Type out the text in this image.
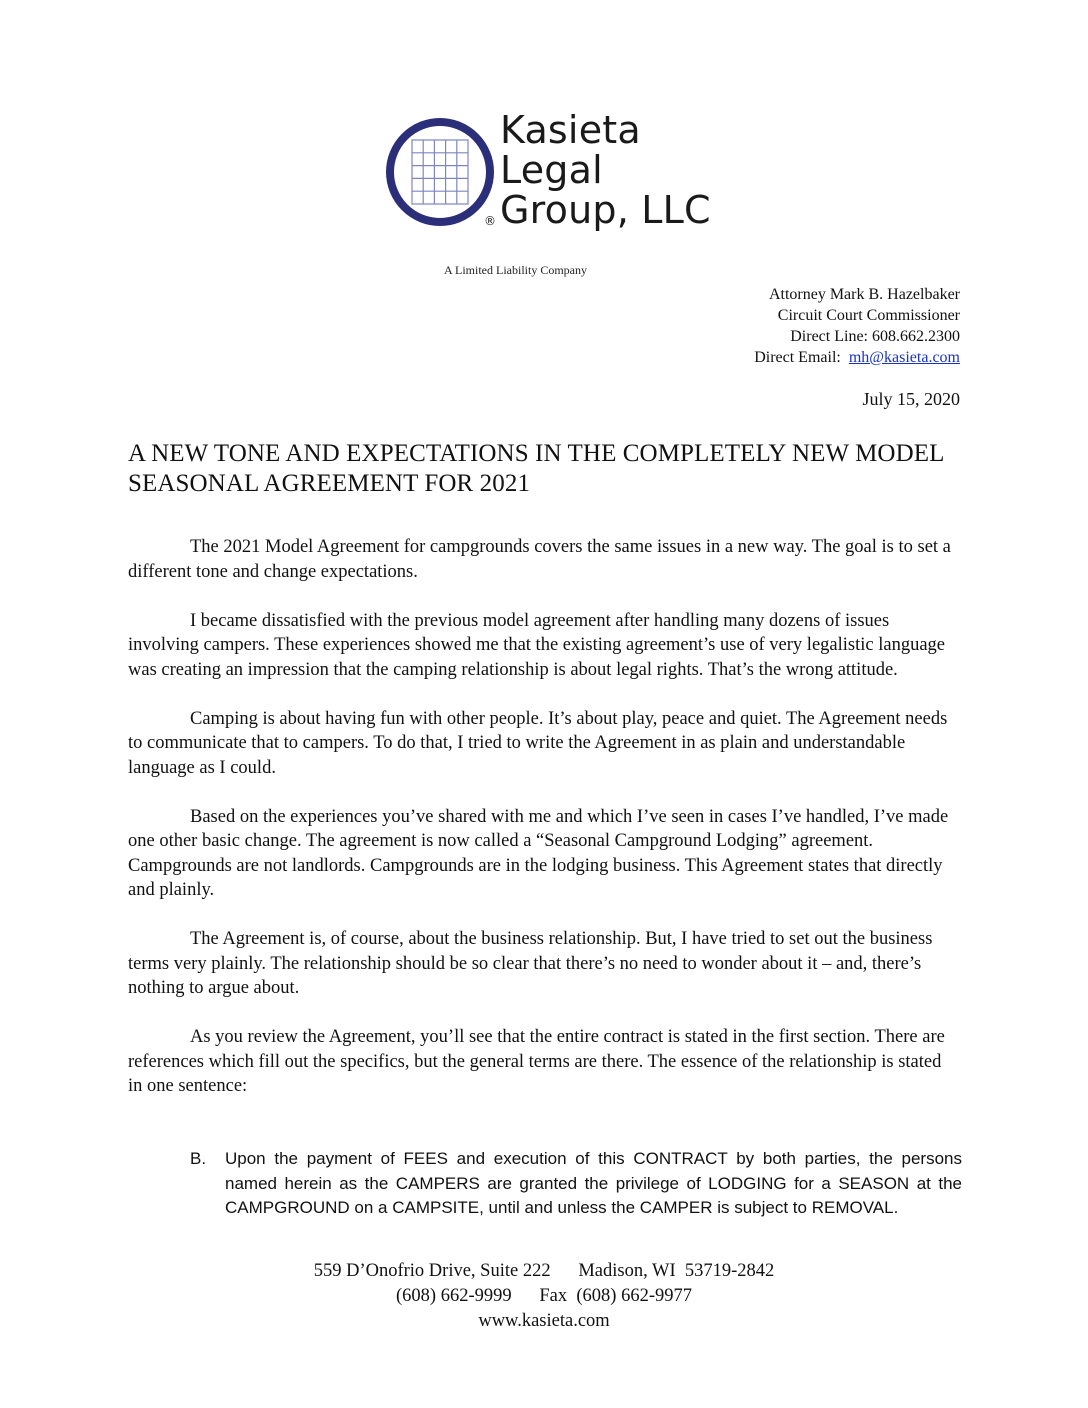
Kasieta
Legal
Group, LLC
®
A Limited Liability Company
Attorney Mark B. Hazelbaker
Circuit Court Commissioner
Direct Line: 608.662.2300
Direct Email: mh@kasieta.com
July 15, 2020
A NEW TONE AND EXPECTATIONS IN THE COMPLETELY NEW MODEL SEASONAL AGREEMENT FOR 2021

The 2021 Model Agreement for campgrounds covers the same issues in a new way. The goal is to set a different tone and change expectations.

I became dissatisfied with the previous model agreement after handling many dozens of issues involving campers. These experiences showed me that the existing agreement’s use of very legalistic language was creating an impression that the camping relationship is about legal rights. That’s the wrong attitude.

Camping is about having fun with other people. It’s about play, peace and quiet. The Agreement needs to communicate that to campers. To do that, I tried to write the Agreement in as plain and understandable language as I could.

Based on the experiences you’ve shared with me and which I’ve seen in cases I’ve handled, I’ve made one other basic change. The agreement is now called a “Seasonal Campground Lodging” agreement. Campgrounds are not landlords. Campgrounds are in the lodging business. This Agreement states that directly and plainly.

The Agreement is, of course, about the business relationship. But, I have tried to set out the business terms very plainly. The relationship should be so clear that there’s no need to wonder about it – and, there’s nothing to argue about.

As you review the Agreement, you’ll see that the entire contract is stated in the first section. There are references which fill out the specifics, but the general terms are there. The essence of the relationship is stated in one sentence:

B. Upon the payment of FEES and execution of this CONTRACT by both parties, the persons named herein as the CAMPERS are granted the privilege of LODGING for a SEASON at the CAMPGROUND on a CAMPSITE, until and unless the CAMPER is subject to REMOVAL.
559 D’Onofrio Drive, Suite 222      Madison, WI  53719-2842
(608) 662-9999      Fax  (608) 662-9977
www.kasieta.com
